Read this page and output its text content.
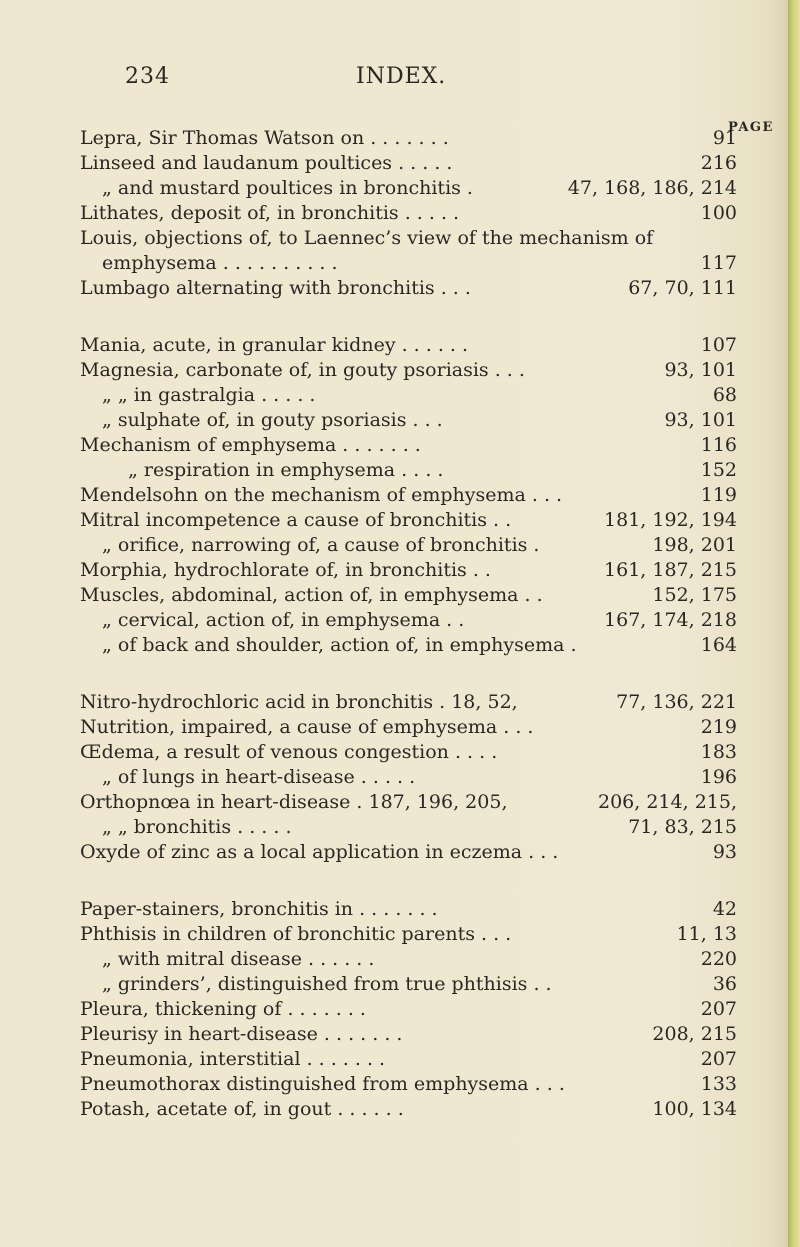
234	INDEX.
PAGE
Lepra, Sir Thomas Watson on . . . . . . .	91
Linseed and laudanum poultices . . . . .	216
„ and mustard poultices in bronchitis .	47, 168, 186, 214
Lithates, deposit of, in bronchitis . . . . .	100
Louis, objections of, to Laennec’s view of the mechanism of
emphysema . . . . . . . . . .	117
Lumbago alternating with bronchitis . . .	67, 70, 111
Mania, acute, in granular kidney . . . . . .	107
Magnesia, carbonate of, in gouty psoriasis . . .	93, 101
„ „ in gastralgia . . . . .	68
„ sulphate of, in gouty psoriasis . . .	93, 101
Mechanism of emphysema . . . . . . .	116
„ respiration in emphysema . . . .	152
Mendelsohn on the mechanism of emphysema . . .	119
Mitral incompetence a cause of bronchitis . .	181, 192, 194
„ orifice, narrowing of, a cause of bronchitis .	198, 201
Morphia, hydrochlorate of, in bronchitis . .	161, 187, 215
Muscles, abdominal, action of, in emphysema . .	152, 175
„ cervical, action of, in emphysema . .	167, 174, 218
„ of back and shoulder, action of, in emphysema .	164
Nitro-hydrochloric acid in bronchitis . 18, 52,	77, 136, 221
Nutrition, impaired, a cause of emphysema . . .	219
Œdema, a result of venous congestion . . . .	183
„ of lungs in heart-disease . . . . .	196
Orthopnœa in heart-disease . 187, 196, 205,	206, 214, 215,
„ „ bronchitis . . . . .	71, 83, 215
Oxyde of zinc as a local application in eczema . . .	93
Paper-stainers, bronchitis in . . . . . . .	42
Phthisis in children of bronchitic parents . . .	11, 13
„ with mitral disease . . . . . .	220
„ grinders’, distinguished from true phthisis . .	36
Pleura, thickening of . . . . . . .	207
Pleurisy in heart-disease . . . . . . .	208, 215
Pneumonia, interstitial . . . . . . .	207
Pneumothorax distinguished from emphysema . . .	133
Potash, acetate of, in gout . . . . . .	100, 134
